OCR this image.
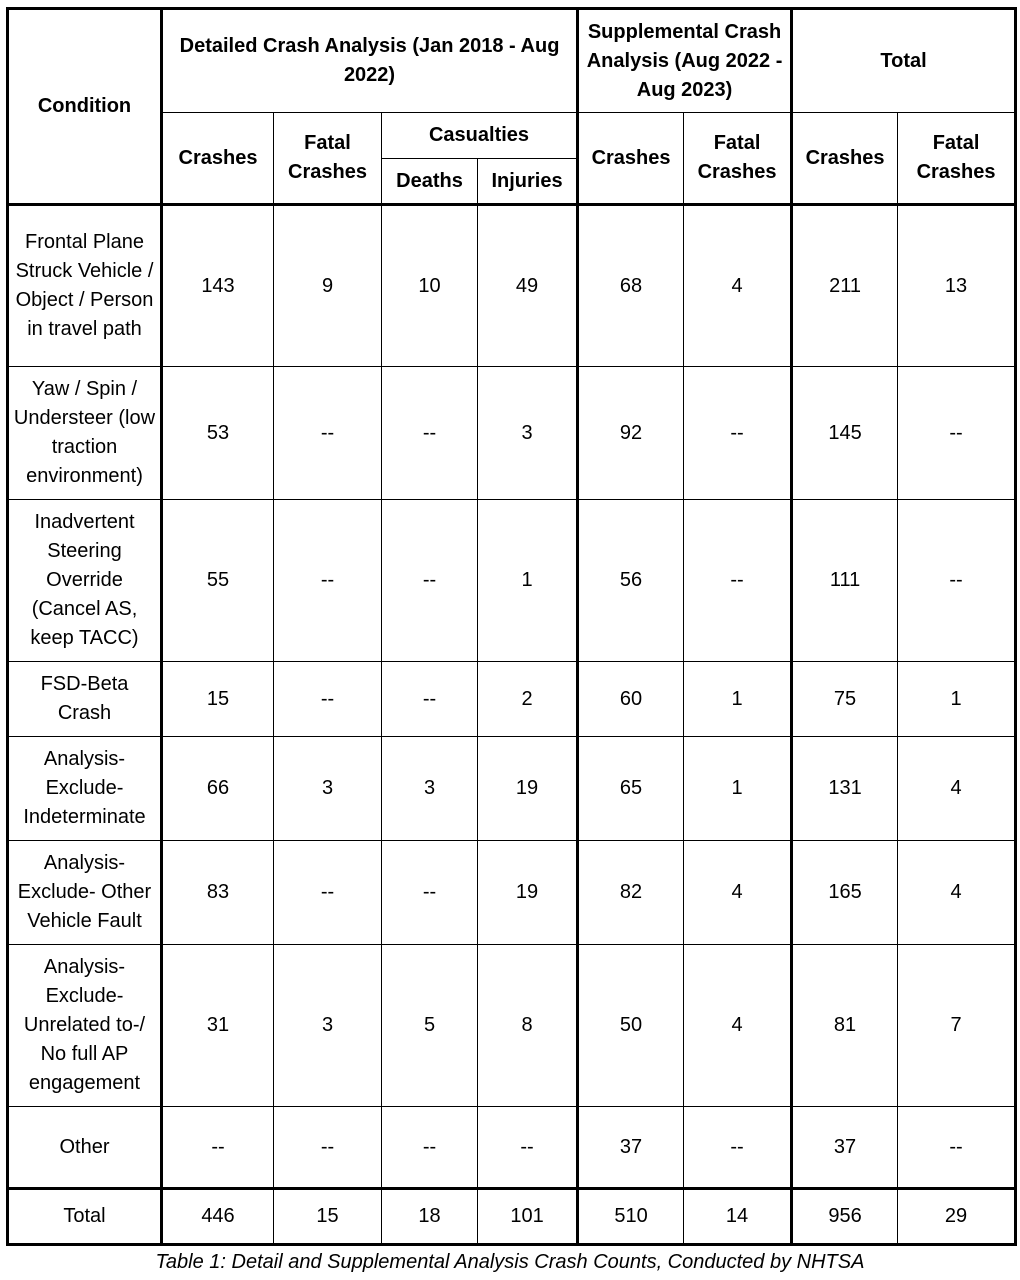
Condition	Detailed Crash Analysis (Jan 2018 - Aug 2022)				Supplemental Crash Analysis (Aug 2022 - Aug 2023)		Total	
	Crashes	Fatal Crashes	Casualties		Crashes	Fatal Crashes	Crashes	Fatal Crashes
			Deaths	Injuries				
Frontal Plane Struck Vehicle / Object / Person in travel path	143	9	10	49	68	4	211	13
Yaw / Spin / Understeer (low traction environment)	53	--	--	3	92	--	145	--
Inadvertent Steering Override (Cancel AS, keep TACC)	55	--	--	1	56	--	111	--
FSD-Beta Crash	15	--	--	2	60	1	75	1
Analysis-Exclude-Indeterminate	66	3	3	19	65	1	131	4
Analysis-Exclude- Other Vehicle Fault	83	--	--	19	82	4	165	4
Analysis-Exclude-Unrelated to-/ No full AP engagement	31	3	5	8	50	4	81	7
Other	--	--	--	--	37	--	37	--
Total	446	15	18	101	510	14	956	29
Table 1: Detail and Supplemental Analysis Crash Counts, Conducted by NHTSA
